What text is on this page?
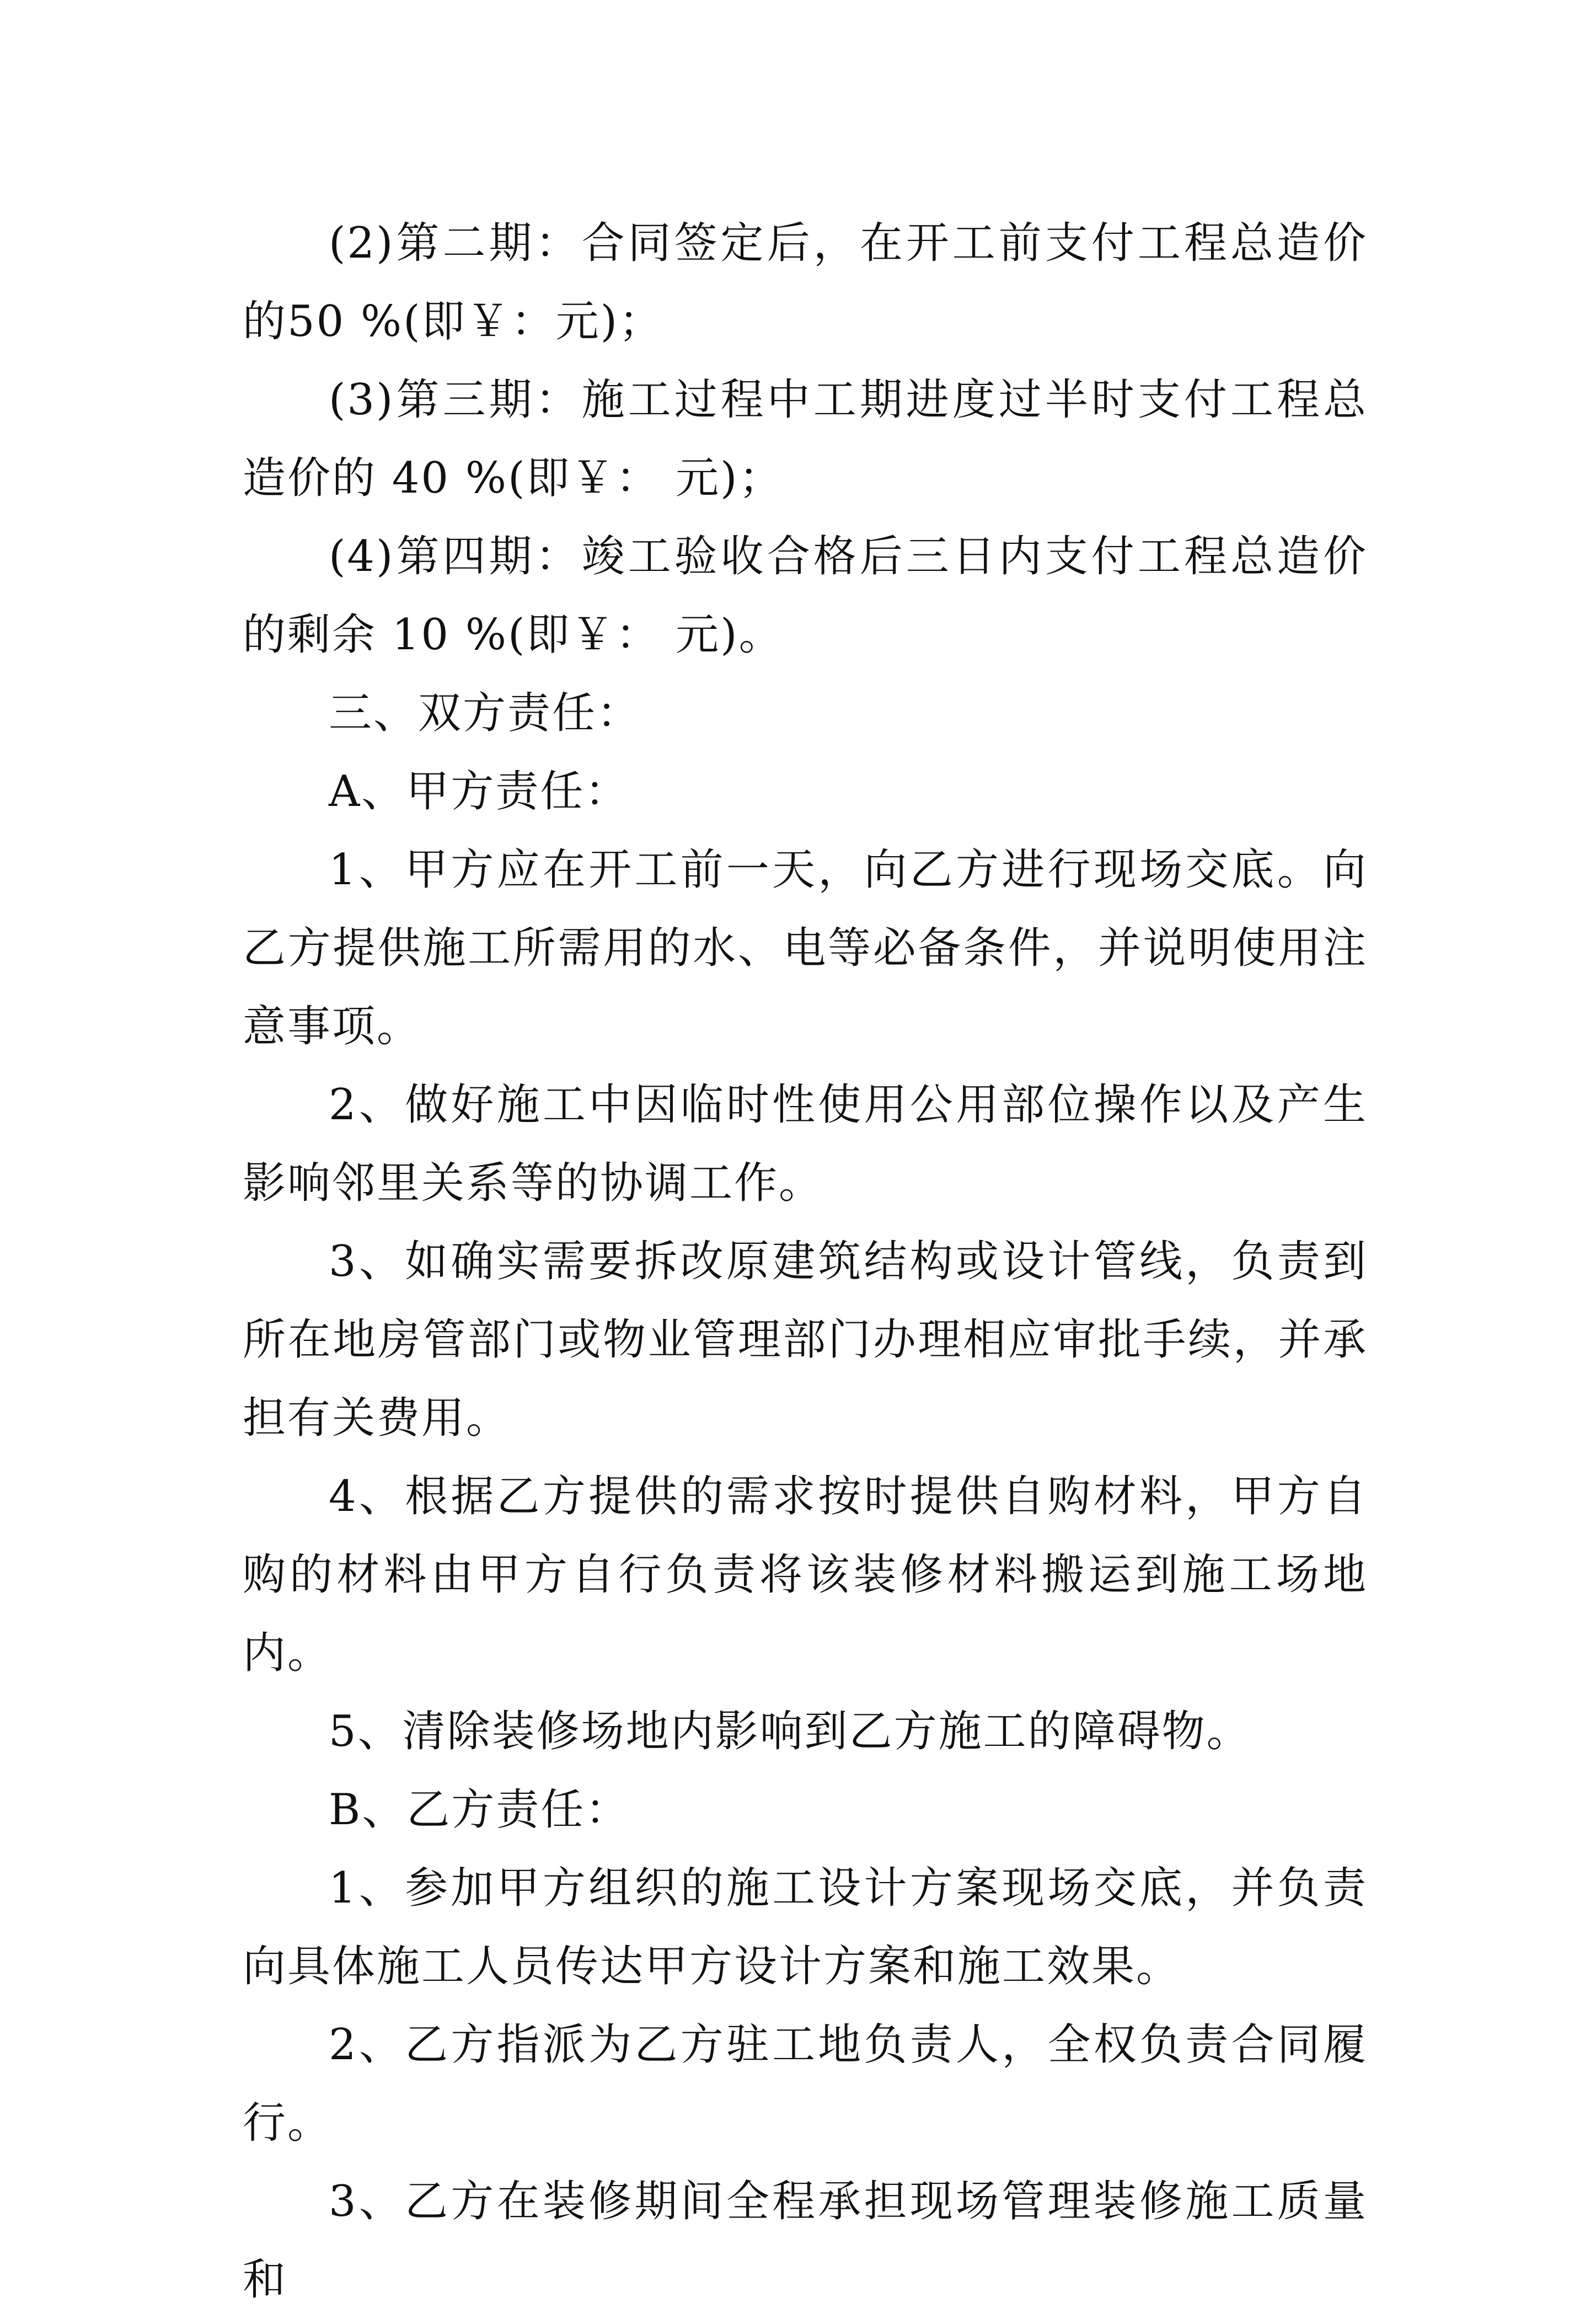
(2)第二期：合同签定后，在开工前支付工程总造价的50 %(即￥：元)；

(3)第三期：施工过程中工期进度过半时支付工程总造价的 40 %(即￥： 元)；

(4)第四期：竣工验收合格后三日内支付工程总造价的剩余 10 %(即￥： 元)。

三、双方责任：

A、甲方责任：

1、甲方应在开工前一天，向乙方进行现场交底。向乙方提供施工所需用的水、电等必备条件，并说明使用注意事项。

2、做好施工中因临时性使用公用部位操作以及产生影响邻里关系等的协调工作。

3、如确实需要拆改原建筑结构或设计管线，负责到所在地房管部门或物业管理部门办理相应审批手续，并承担有关费用。

4、根据乙方提供的需求按时提供自购材料，甲方自购的材料由甲方自行负责将该装修材料搬运到施工场地内。

5、清除装修场地内影响到乙方施工的障碍物。

B、乙方责任：

1、参加甲方组织的施工设计方案现场交底，并负责向具体施工人员传达甲方设计方案和施工效果。

2、乙方指派为乙方驻工地负责人，全权负责合同履行。

3、乙方在装修期间全程承担现场管理装修施工质量和
